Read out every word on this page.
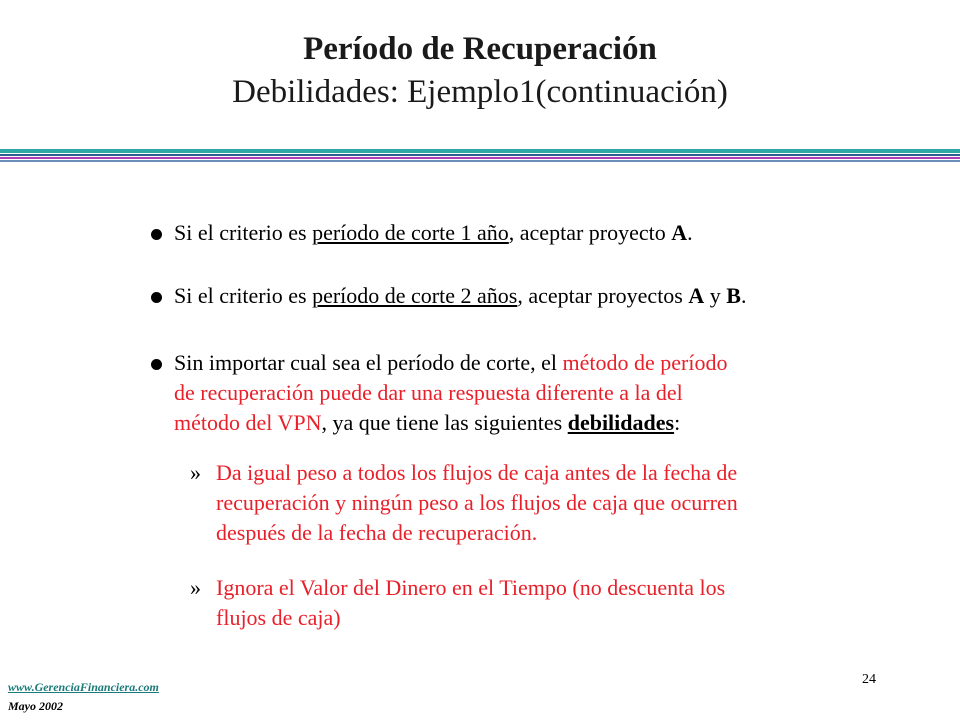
Período de Recuperación
Debilidades: Ejemplo1(continuación)
Si el criterio es período de corte 1 año, aceptar proyecto A.
Si el criterio es período de corte 2 años, aceptar proyectos A y B.
Sin importar cual sea el período de corte, el método de período
de recuperación puede dar una respuesta diferente a la del
método del VPN, ya que tiene las siguientes debilidades:
» Da igual peso a todos los flujos de caja antes de la fecha de
recuperación y ningún peso a los flujos de caja que ocurren
después de la fecha de recuperación.
» Ignora el Valor del Dinero en el Tiempo (no descuenta los
flujos de caja)
24
www.GerenciaFinanciera.com
Mayo 2002
